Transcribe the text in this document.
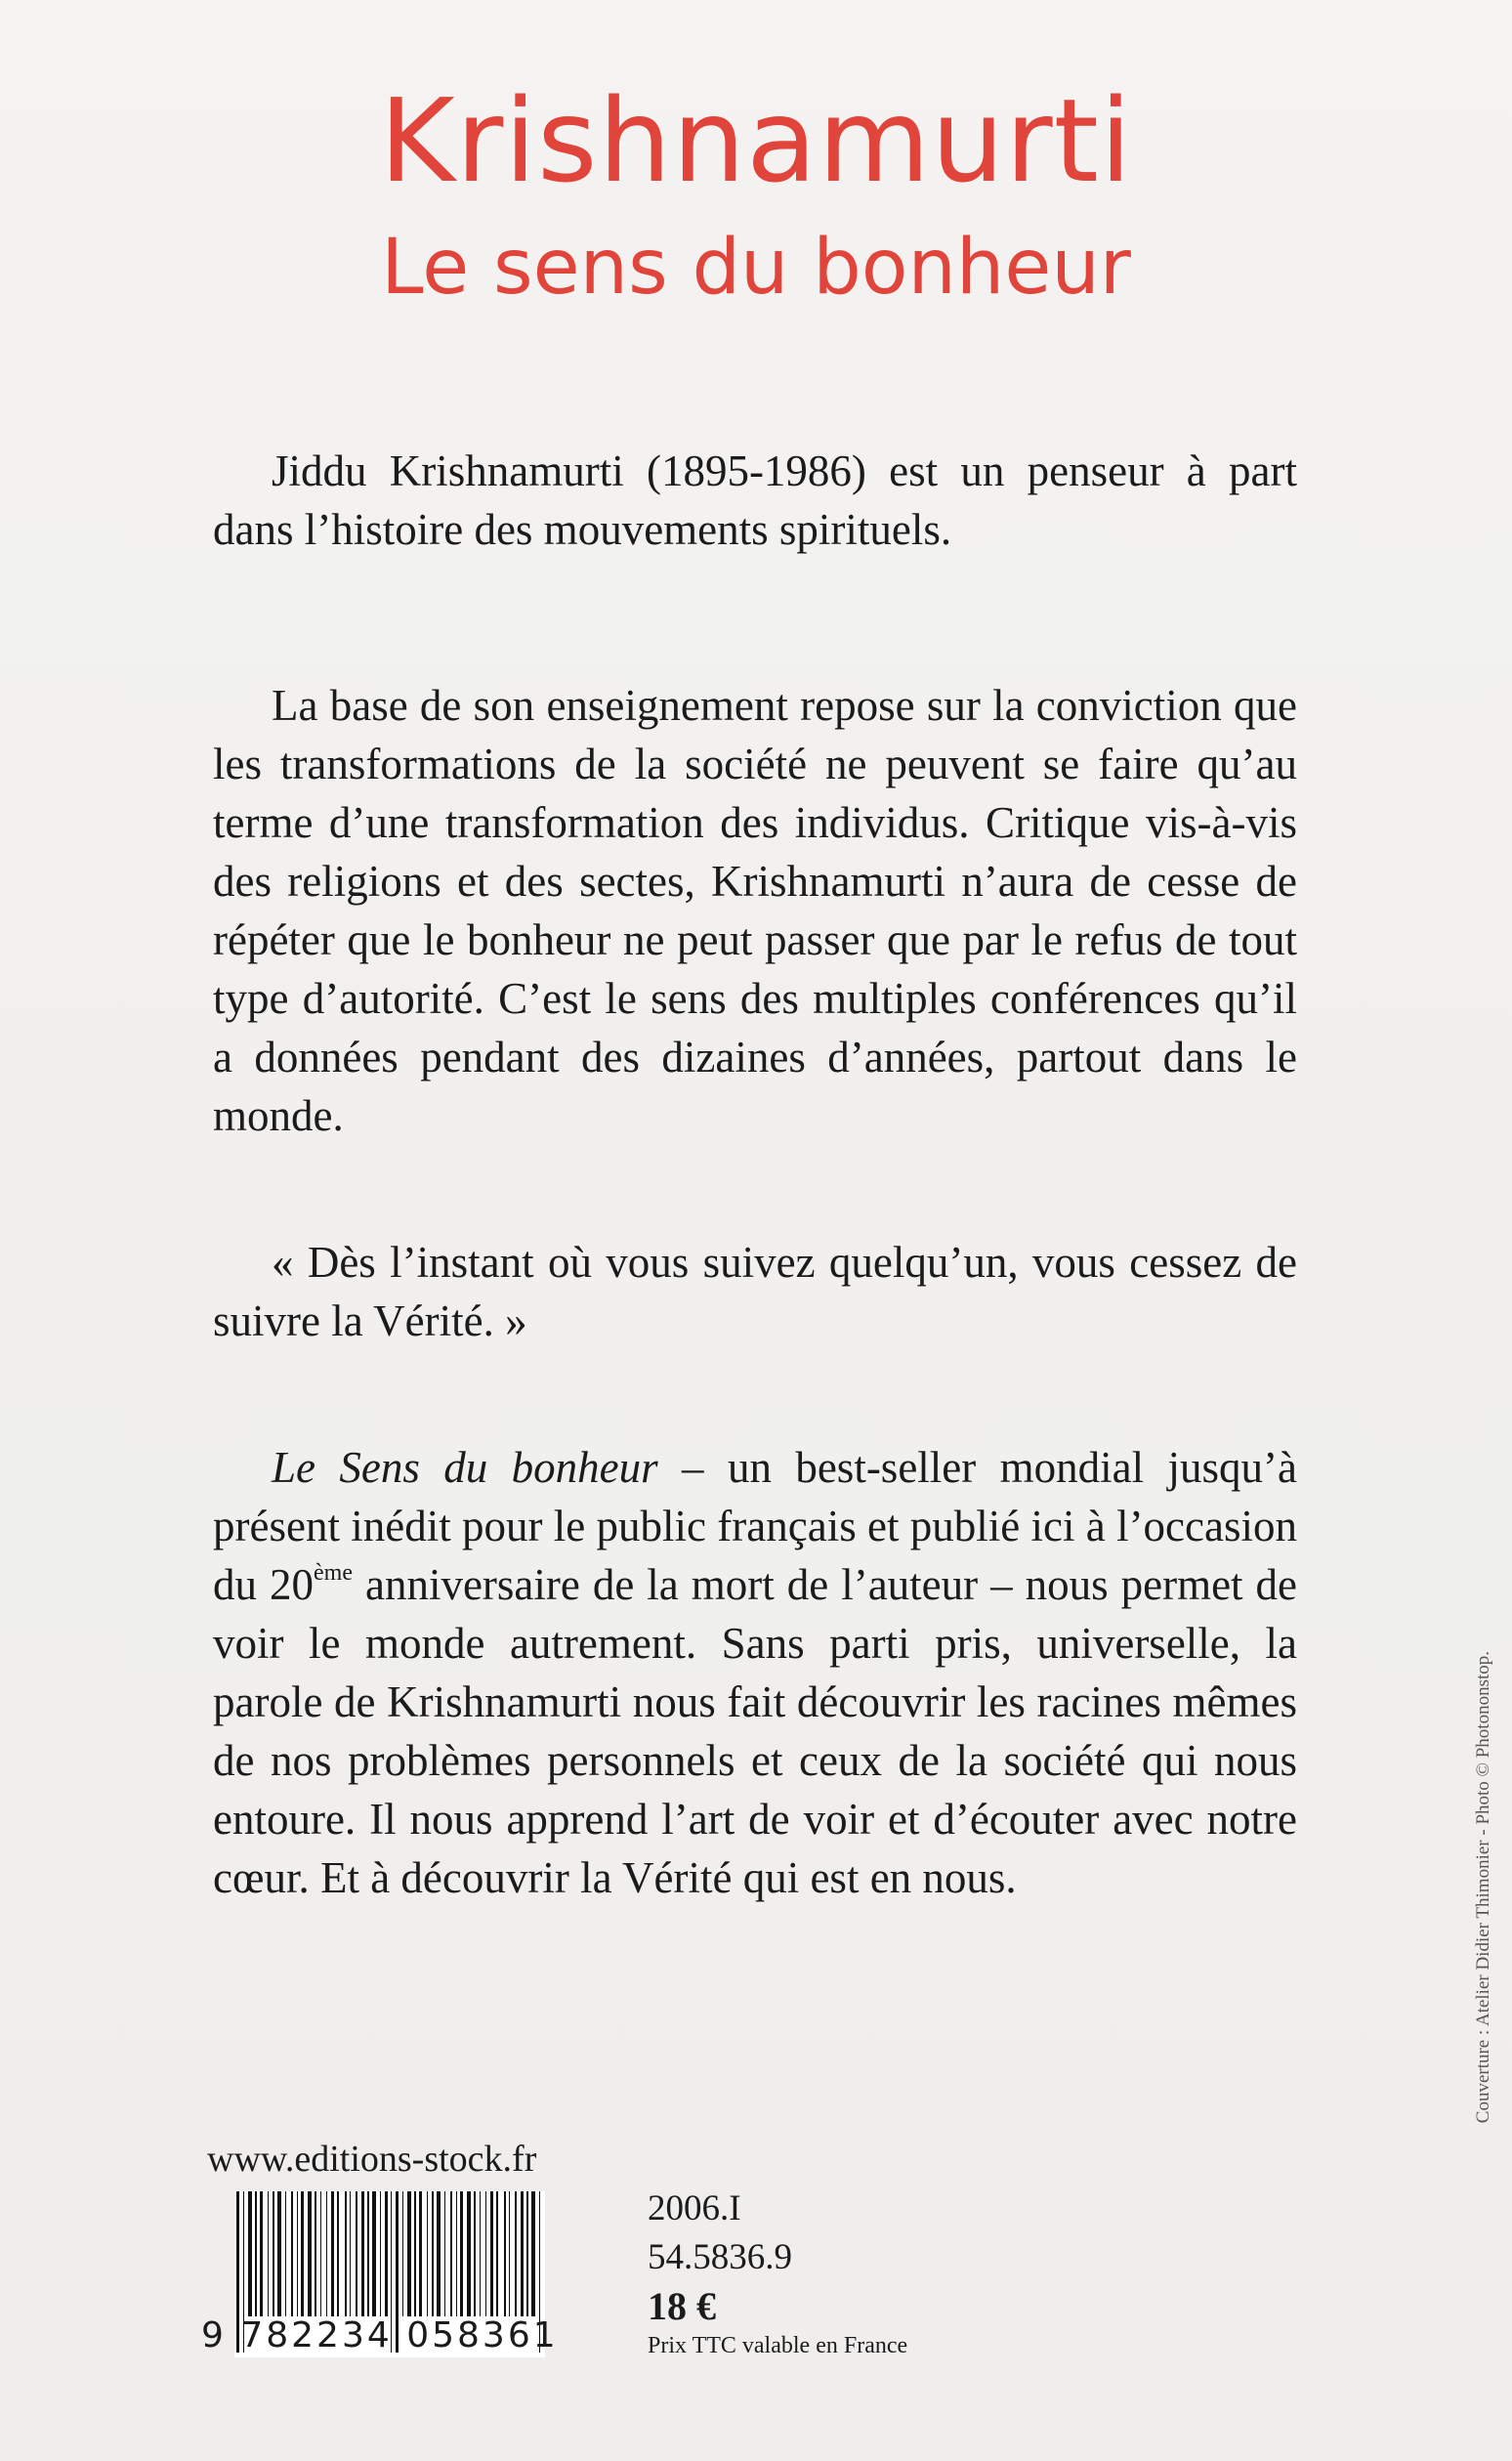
Krishnamurti
Le sens du bonheur

Jiddu Krishnamurti (1895-1986) est un penseur à part dans l’histoire des mouvements spirituels.

La base de son enseignement repose sur la conviction que les transformations de la société ne peuvent se faire qu’au terme d’une transformation des individus. Critique vis-à-vis des religions et des sectes, Krishnamurti n’aura de cesse de répéter que le bonheur ne peut passer que par le refus de tout type d’autorité. C’est le sens des multiples conférences qu’il a données pendant des dizaines d’années, partout dans le monde.

« Dès l’instant où vous suivez quelqu’un, vous cessez de suivre la Vérité. »

Le Sens du bonheur – un best-seller mondial jusqu’à présent inédit pour le public français et publié ici à l’occasion du 20ème anniversaire de la mort de l’auteur – nous permet de voir le monde autrement. Sans parti pris, universelle, la parole de Krishnamurti nous fait découvrir les racines mêmes de nos problèmes personnels et ceux de la société qui nous entoure. Il nous apprend l’art de voir et d’écouter avec notre cœur. Et à découvrir la Vérité qui est en nous.

www.editions-stock.fr
9 782234 058361
2006.I
54.5836.9
18 €
Prix TTC valable en France
Couverture : Atelier Didier Thimonier - Photo © Photononstop.
